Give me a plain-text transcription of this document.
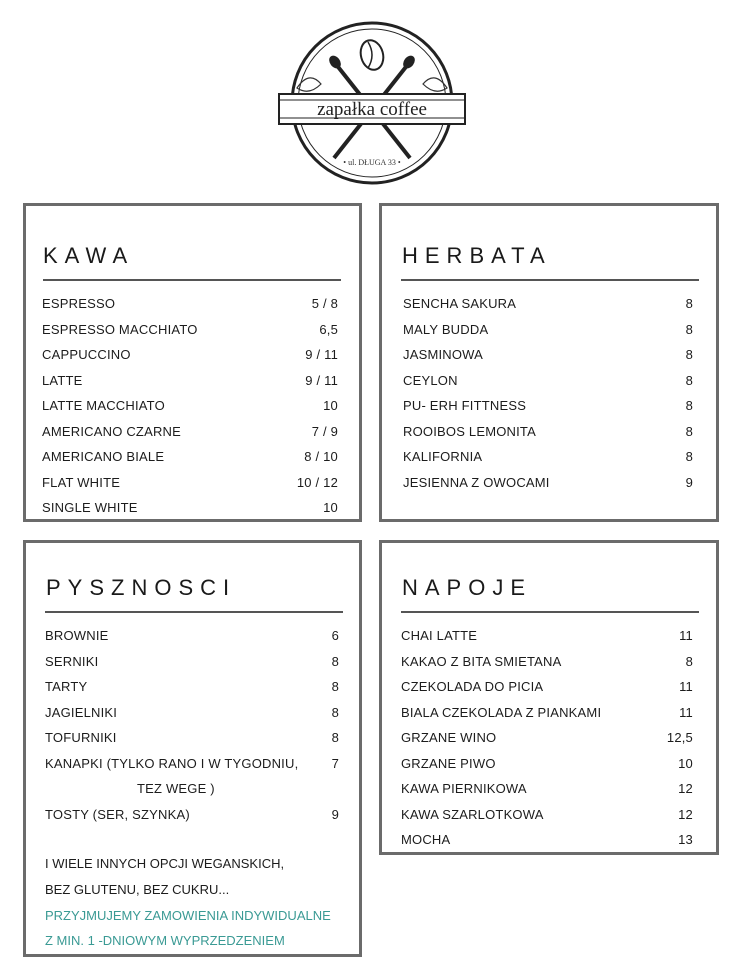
zapałka coffee
• ul. DŁUGA 33 •
KAWA
ESPRESSO	5 / 8
ESPRESSO MACCHIATO	6,5
CAPPUCCINO	9 / 11
LATTE	9 / 11
LATTE MACCHIATO	10
AMERICANO CZARNE	7 / 9
AMERICANO BIALE	8 / 10
FLAT WHITE	10 / 12
SINGLE WHITE	10
HERBATA
SENCHA SAKURA	8
MALY BUDDA	8
JASMINOWA	8
CEYLON	8
PU- ERH FITTNESS	8
ROOIBOS LEMONITA	8
KALIFORNIA	8
JESIENNA Z OWOCAMI	9
PYSZNOSCI
BROWNIE	6
SERNIKI	8
TARTY	8
JAGIELNIKI	8
TOFURNIKI	8
KANAPKI (TYLKO RANO I W TYGODNIU,	7
TEZ WEGE )
TOSTY (SER, SZYNKA)	9

I WIELE INNYCH OPCJI WEGANSKICH,

BEZ GLUTENU, BEZ CUKRU...

PRZYJMUJEMY ZAMOWIENIA INDYWIDUALNE

Z MIN. 1 -DNIOWYM WYPRZEDZENIEM

NAPOJE
CHAI LATTE	11
KAKAO Z BITA SMIETANA	8
CZEKOLADA DO PICIA	11
BIALA CZEKOLADA Z PIANKAMI	11
GRZANE WINO	12,5
GRZANE PIWO	10
KAWA PIERNIKOWA	12
KAWA SZARLOTKOWA	12
MOCHA	13
